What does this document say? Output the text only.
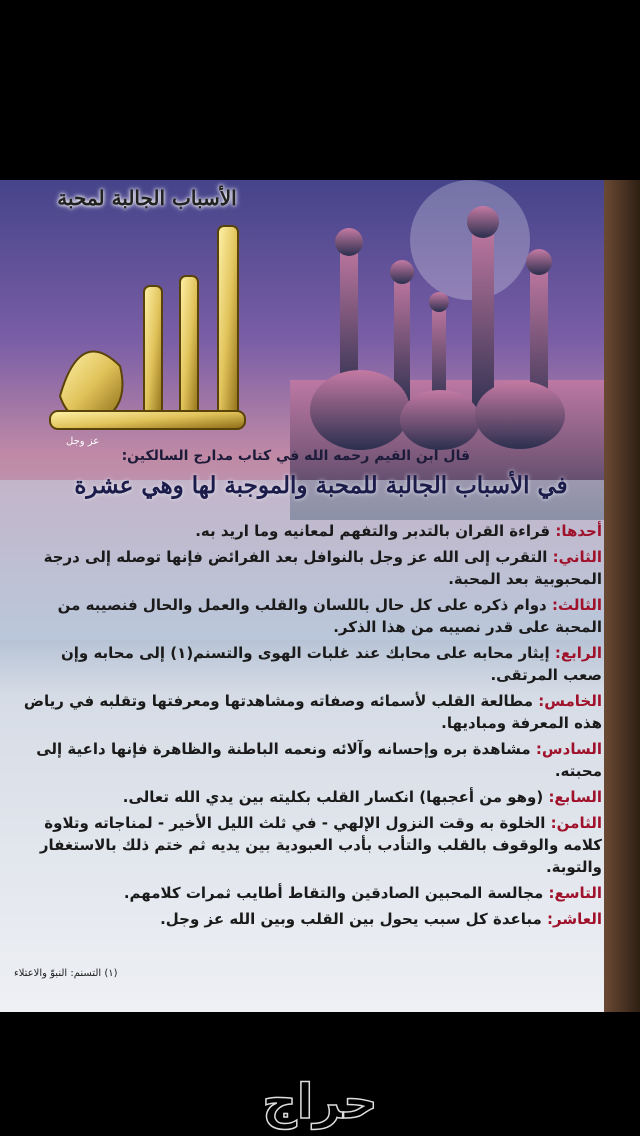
الأسباب الجالبة لمحبة
عز وجل
قال ابن القيم رحمه الله في كتاب مدارج السالكين:
في الأسباب الجالبة للمحبة والموجبة لها وهي عشرة
أحدها: قراءة القران بالتدبر والتفهم لمعانيه وما اريد به.
الثاني: التقرب إلى الله عز وجل بالنوافل بعد الفرائض فإنها توصله إلى درجة المحبوبية بعد المحبة.
الثالث: دوام ذكره على كل حال باللسان والقلب والعمل والحال فنصيبه من المحبة على قدر نصيبه من هذا الذكر.
الرابع: إيثار محابه على محابك عند غلبات الهوى والتسنم(١) إلى محابه وإن صعب المرتقى.
الخامس: مطالعة القلب لأسمائه وصفاته ومشاهدتها ومعرفتها وتقلبه في رياض هذه المعرفة ومباديها.
السادس: مشاهدة بره وإحسانه وآلائه ونعمه الباطنة والظاهرة فإنها داعية إلى محبته.
السابع: (وهو من أعجبها) انكسار القلب بكليته بين يدي الله تعالى.
الثامن: الخلوة به وقت النزول الإلهي - في ثلث الليل الأخير - لمناجاته وتلاوة كلامه والوقوف بالقلب والتأدب بأدب العبودية بين يديه ثم ختم ذلك بالاستغفار والتوبة.
التاسع: مجالسة المحبين الصادقين والتقاط أطايب ثمرات كلامهم.
العاشر: مباعدة كل سبب يحول بين القلب وبين الله عز وجل.
(١) التسنم: النبوّ والاعتلاء
حراج
